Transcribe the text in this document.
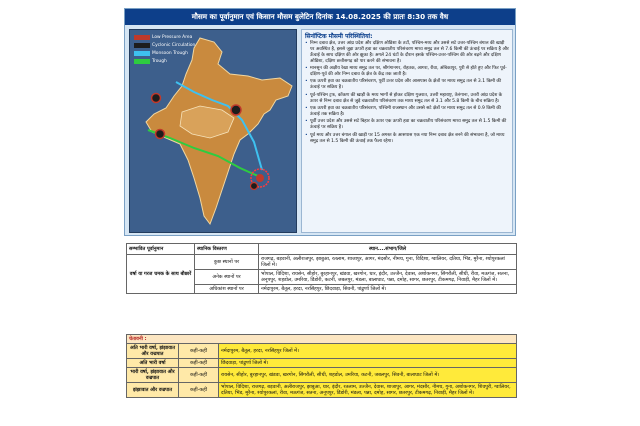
मौसम का पूर्वानुमान एवं किसान मौसम बुलेटिन दिनांक 14.08.2025 की प्रातः 8:30 तक वैध
Low Pressure Area
Cyclonic Circulation
Monsoon Trough
Trough
सिनॉप्टिक मौसमी परिस्थितियां:

• निम्न दबाव क्षेत्र, उत्तर आंध्र प्रदेश और दक्षिण ओडिशा के तटों, पश्चिम-मध्य और उससे सटे उत्तर-पश्चिम बंगाल की खाड़ी पर अवस्थित है, इससे जुड़ा ऊपरी हवा का चक्रवातीय परिसंचरण माध्य समुद्र तल से 7.6 किमी की ऊंचाई पर सक्रिय है और ऊँचाई के साथ दक्षिण की ओर झुका है। अगले 24 घंटों के दौरान इसके पश्चिम-उत्तर-पश्चिम की ओर बढ़ने और दक्षिण ओडिशा, दक्षिण छत्तीसगढ़ को पार करने की संभावना है।

• मानसून की अक्षीय रेखा माध्य समुद्र तल पर, श्रीगंगानगर, रोहतक, आगरा, रीवा, अंबिकापुर, पुरी से होते हुए और फिर पूर्व-दक्षिण-पूर्व की ओर निम्न दबाव के क्षेत्र के केंद्र तक जाती है।

• एक ऊपरी हवा का चक्रवातीय परिसंचरण, पूर्वी उत्तर प्रदेश और आसपास के क्षेत्रों पर माध्य समुद्र तल से 3.1 किमी की ऊंचाई पर सक्रिय है।

• पूर्व-पश्चिम ट्रफ, कोंकण की खाड़ी के मध्य भागों से होकर दक्षिण गुजरात, उत्तरी महाराष्ट्र, तेलंगाना, उत्तरी आंध्र प्रदेश के ऊपर से निम्न दबाव क्षेत्र से जुड़े चक्रवातीय परिसंचरण तक माध्य समुद्र तल से 3.1 और 5.8 किमी के बीच सक्रिय है।

• एक ऊपरी हवा का चक्रवातीय परिसंचरण, पश्चिमी राजस्थान और उससे सटे क्षेत्रों पर माध्य समुद्र तल से 0.9 किमी की ऊंचाई तक सक्रिय है।

• पूर्वी उत्तर प्रदेश और उससे सटे बिहार के ऊपर एक ऊपरी हवा का चक्रवातीय परिसंचरण माध्य समुद्र तल से 1.5 किमी की ऊंचाई पर सक्रिय है।

• पूर्व मध्य और उत्तर बंगाल की खाड़ी पर 15 अगस्त के आसपास एक नया निम्न दबाव क्षेत्र बनने की संभावना है, जो माध्य समुद्र तल से 1.5 किमी की ऊंचाई तक फैला रहेगा।

सम्भावित पूर्वानुमान	स्थानिक विस्तरण	स्थान....संभाग/जिले
वर्षा या गरज चमक के साथ बौछारें	कुछ स्थानों पर	राजगढ़, बड़वानी, अलीराजपुर, झाबुआ, रतलाम, शाजापुर, आगर, मंदसौर, नीमच, गुना, विदिशा, ग्वालियर, दतिया, भिंड, मुरैना, श्योपुरकलां जिलों में।
	अनेक स्थानों पर	भोपाल, विदिशा, रायसेन, सीहोर, बुरहानपुर, खंडवा, खरगोन, धार, इंदौर, उज्जैन, देवास, अशोकनगर, सिंगरौली, सीधी, रीवा, मऊगंज, सतना, अनूपपुर, शहडोल, उमरिया, डिंडोरी, कटनी, जबलपुर, मंडला, बालाघाट, पन्ना, दमोह, सागर, छतरपुर, टीकमगढ़, निवाड़ी, मैहर जिलों में।
	अधिकांश स्थानों पर	नर्मदापुरम, बैतूल, हरदा, नरसिंहपुर, छिंदवाड़ा, सिवनी, पांढुर्णा जिलों में।
चेतावनी :		
अति भारी वर्षा, झंझावात और वज्रपात	कहीं-कहीं	नर्मदापुरम, बैतूल, हरदा, नरसिंहपुर जिलों में।
अति भारी वर्षा	कहीं-कहीं	छिंदवाड़ा, पांढुर्णा जिलों में।
भारी वर्षा, झंझावात और वज्रपात	कहीं-कहीं	रायसेन, सीहोर, बुरहानपुर, खंडवा, खरगोन, सिंगरौली, सीधी, शहडोल, उमरिया, कटनी, जबलपुर, सिवनी, बालाघाट जिलों में।
झंझावात और वज्रपात	कहीं-कहीं	भोपाल, विदिशा, राजगढ़, बड़वानी, अलीराजपुर, झाबुआ, धार, इंदौर, रतलाम, उज्जैन, देवास, शाजापुर, आगर, मंदसौर, नीमच, गुना, अशोकनगर, शिवपुरी, ग्वालियर, दतिया, भिंड, मुरैना, श्योपुरकलां, रीवा, मऊगंज, सतना, अनूपपुर, डिंडोरी, मंडला, पन्ना, दमोह, सागर, छतरपुर, टीकमगढ़, निवाड़ी, मैहर जिलों में।
